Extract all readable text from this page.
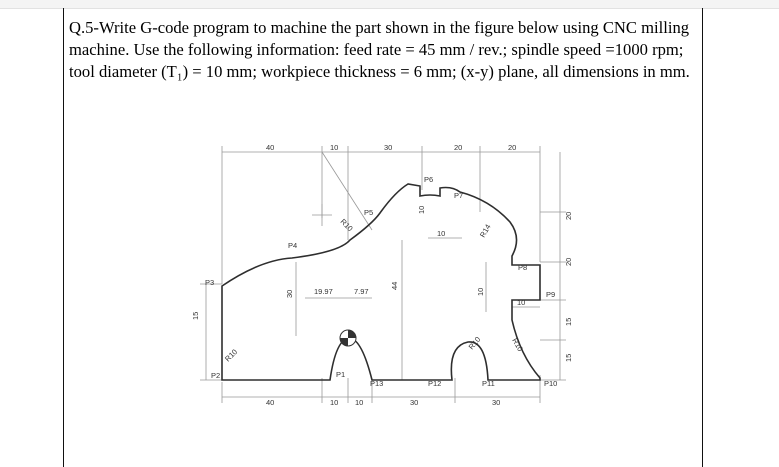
Q.5-Write G-code program to machine the part shown in the figure below using CNC milling
machine. Use the following information: feed rate = 45 mm / rev.; spindle speed =1000 rpm;
tool diameter (T₁) = 10 mm; workpiece thickness = 6 mm; (x-y) plane, all dimensions in mm.
P1
P2
P3
P4
P5
P6
P7
P8
P9
P10
P11
P12
P13
40	10	30	20	20
40	10 10	30	30
15
30
20
20
15
15
R10
R10
R10
R14
R10
19.97	7.97
44
10
10
10
10
